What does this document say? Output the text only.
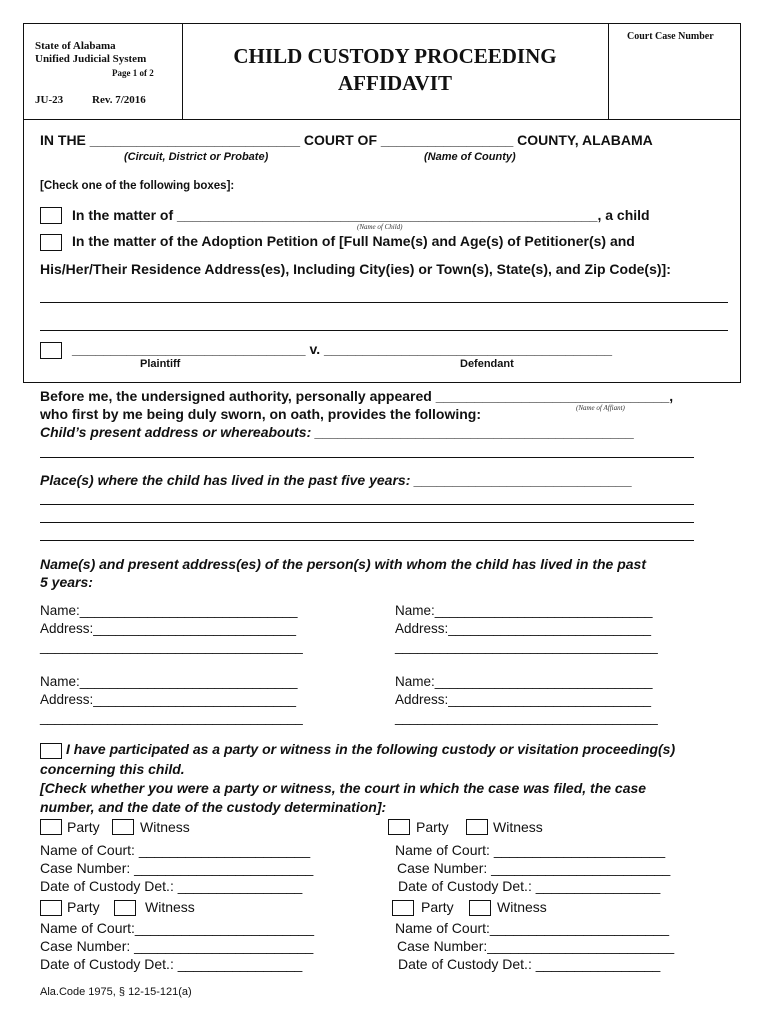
State of Alabama
Unified Judicial System
Page 1 of 2
JU-23	Rev. 7/2016
CHILD CUSTODY PROCEEDING
AFFIDAVIT
Court Case Number
IN THE ___________________________ COURT OF _________________ COUNTY, ALABAMA
(Circuit, District or Probate)	(Name of County)
[Check one of the following boxes]:
In the matter of ______________________________________________________, a child
(Name of Child)
In the matter of the Adoption Petition of [Full Name(s) and Age(s) of Petitioner(s) and
His/Her/Their Residence Address(es), Including City(ies) or Town(s), State(s), and Zip Code(s)]:
______________________________ v. _____________________________________
Plaintiff	Defendant
Before me, the undersigned authority, personally appeared ______________________________,
who first by me being duly sworn, on oath, provides the following:	(Name of Affiant)
Child’s present address or whereabouts: _________________________________________
Place(s) where the child has lived in the past five years: ____________________________
Name(s) and present address(es) of the person(s) with whom the child has lived in the past
5 years:
Name:_____________________________
Address:___________________________
___________________________________
Name:_____________________________
Address:___________________________
___________________________________
Name:_____________________________
Address:___________________________
___________________________________
Name:_____________________________
Address:___________________________
___________________________________
I have participated as a party or witness in the following custody or visitation proceeding(s)
concerning this child.
[Check whether you were a party or witness, the court in which the case was filed, the case
number, and the date of the custody determination]:
Party	Witness
Name of Court: ______________________
Case Number: _______________________
Date of Custody Det.: ________________
Party	Witness
Name of Court: ______________________
Case Number: _______________________
Date of Custody Det.: ________________
Party	Witness
Name of Court:_______________________
Case Number: _______________________
Date of Custody Det.: ________________
Party	Witness
Name of Court:_______________________
Case Number:________________________
Date of Custody Det.: ________________
Ala.Code 1975, § 12-15-121(a)
